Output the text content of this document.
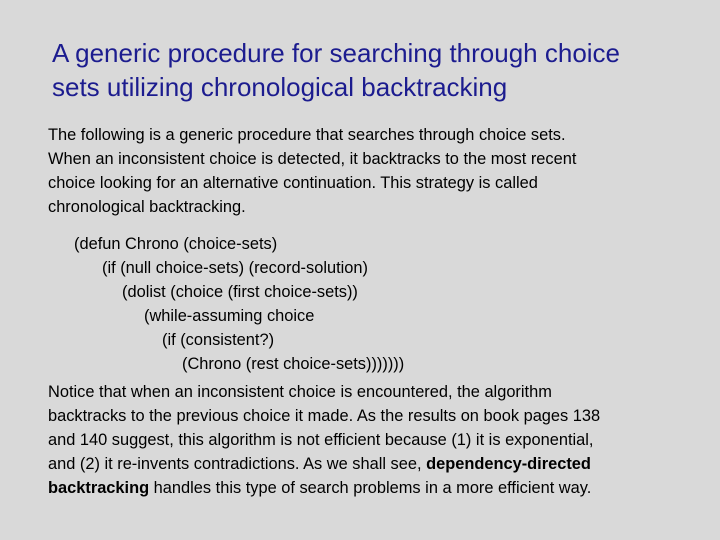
A generic procedure for searching through choice
sets utilizing chronological backtracking

The following is a generic procedure that searches through choice sets.
When an inconsistent choice is detected, it backtracks to the most recent
choice looking for an alternative continuation. This strategy is called
chronological backtracking.

(defun Chrono (choice-sets)
(if (null choice-sets) (record-solution)
(dolist (choice (first choice-sets))
(while-assuming choice
(if (consistent?)
(Chrono (rest choice-sets)))))))

Notice that when an inconsistent choice is encountered, the algorithm
backtracks to the previous choice it made. As the results on book pages 138
and 140 suggest, this algorithm is not efficient because (1) it is exponential,
and (2) it re-invents contradictions. As we shall see, dependency-directed
backtracking handles this type of search problems in a more efficient way.
